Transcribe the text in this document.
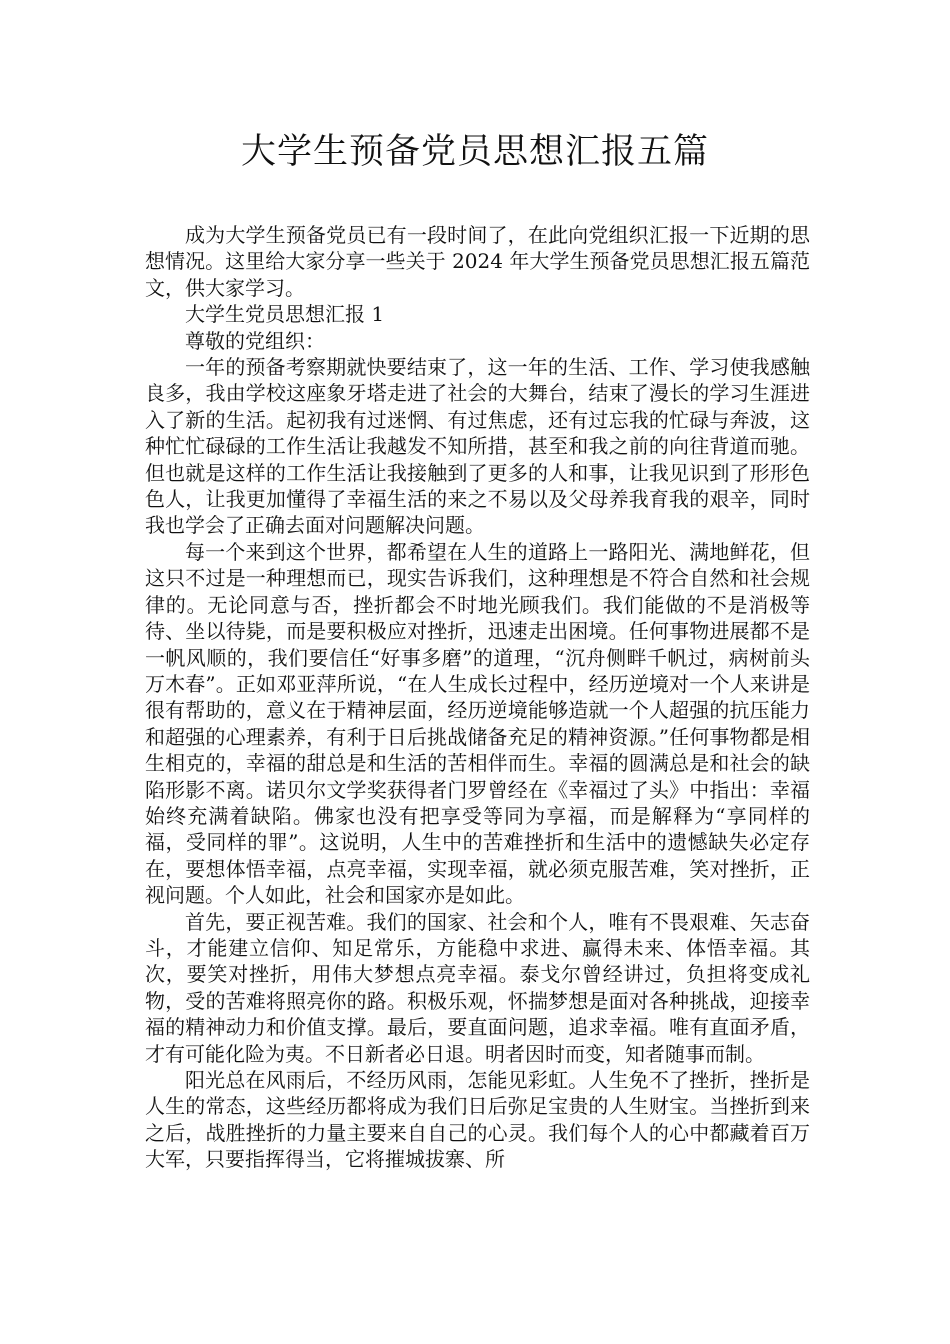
大学生预备党员思想汇报五篇

成为大学生预备党员已有一段时间了，在此向党组织汇报一下近期的思想情况。这里给大家分享一些关于 2024 年大学生预备党员思想汇报五篇范文，供大家学习。

大学生党员思想汇报 1

尊敬的党组织：

一年的预备考察期就快要结束了，这一年的生活、工作、学习使我感触良多，我由学校这座象牙塔走进了社会的大舞台，结束了漫长的学习生涯进入了新的生活。起初我有过迷惘、有过焦虑，还有过忘我的忙碌与奔波，这种忙忙碌碌的工作生活让我越发不知所措，甚至和我之前的向往背道而驰。但也就是这样的工作生活让我接触到了更多的人和事，让我见识到了形形色色人，让我更加懂得了幸福生活的来之不易以及父母养我育我的艰辛，同时我也学会了正确去面对问题解决问题。

每一个来到这个世界，都希望在人生的道路上一路阳光、满地鲜花，但这只不过是一种理想而已，现实告诉我们，这种理想是不符合自然和社会规律的。无论同意与否，挫折都会不时地光顾我们。我们能做的不是消极等待、坐以待毙，而是要积极应对挫折，迅速走出困境。任何事物进展都不是一帆风顺的，我们要信任“好事多磨”的道理，“沉舟侧畔千帆过，病树前头万木春”。正如邓亚萍所说，“在人生成长过程中，经历逆境对一个人来讲是很有帮助的，意义在于精神层面，经历逆境能够造就一个人超强的抗压能力和超强的心理素养，有利于日后挑战储备充足的精神资源。”任何事物都是相生相克的，幸福的甜总是和生活的苦相伴而生。幸福的圆满总是和社会的缺陷形影不离。诺贝尔文学奖获得者门罗曾经在《幸福过了头》中指出：幸福始终充满着缺陷。佛家也没有把享受等同为享福，而是解释为“享同样的福，受同样的罪”。这说明，人生中的苦难挫折和生活中的遗憾缺失必定存在，要想体悟幸福，点亮幸福，实现幸福，就必须克服苦难，笑对挫折，正视问题。个人如此，社会和国家亦是如此。

首先，要正视苦难。我们的国家、社会和个人，唯有不畏艰难、矢志奋斗，才能建立信仰、知足常乐，方能稳中求进、赢得未来、体悟幸福。其次，要笑对挫折，用伟大梦想点亮幸福。泰戈尔曾经讲过，负担将变成礼物，受的苦难将照亮你的路。积极乐观，怀揣梦想是面对各种挑战，迎接幸福的精神动力和价值支撑。最后，要直面问题，追求幸福。唯有直面矛盾，才有可能化险为夷。不日新者必日退。明者因时而变，知者随事而制。

阳光总在风雨后，不经历风雨，怎能见彩虹。人生免不了挫折，挫折是人生的常态，这些经历都将成为我们日后弥足宝贵的人生财宝。当挫折到来之后，战胜挫折的力量主要来自自己的心灵。我们每个人的心中都藏着百万大军，只要指挥得当，它将摧城拔寨、所
